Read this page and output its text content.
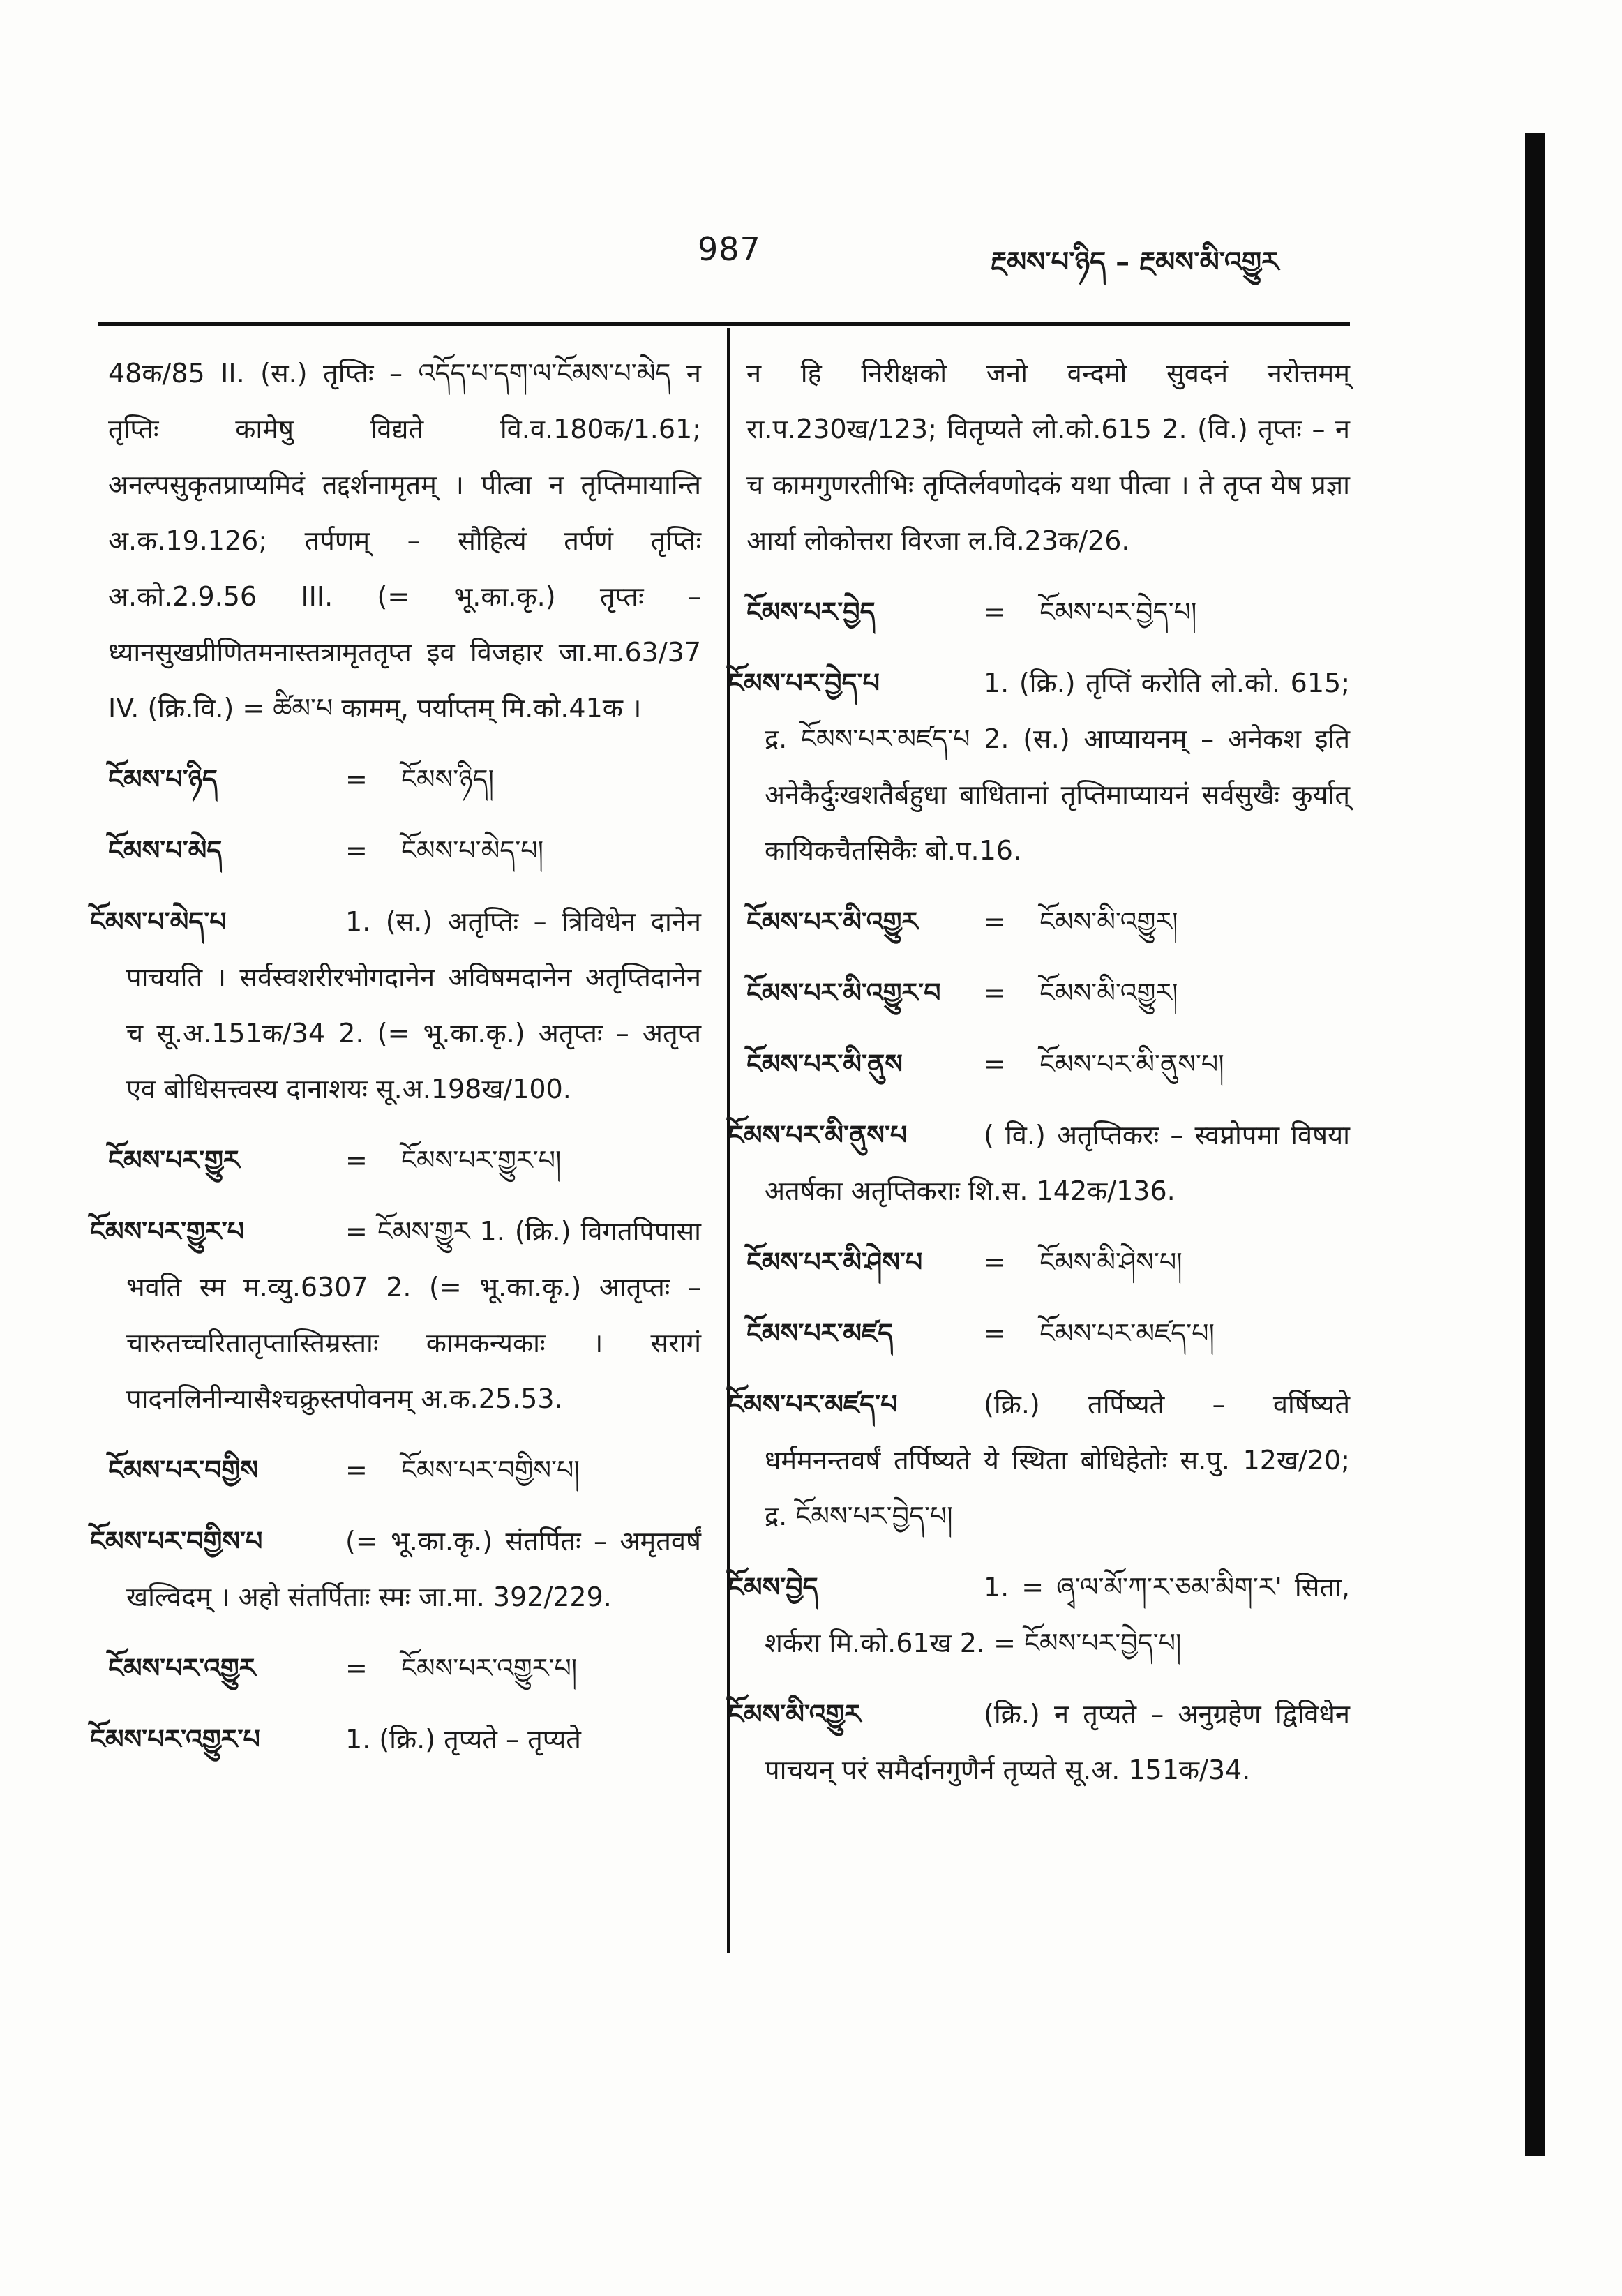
987	རྔམས་པ་ཉིད – རྔམས་མི་འགྱུར
48क/85 II. (स.) तृप्तिः – འདོད་པ་དག་ལ་ངོམས་པ་མེད न तृप्तिः कामेषु विद्यते वि.व.180क/1.61; अनल्पसुकृतप्राप्यमिदं तद्दर्शनामृतम् । पीत्वा न तृप्तिमायान्ति अ.क.19.126; तर्पणम् – सौहित्यं तर्पणं तृप्तिः अ.को.2.9.56 III. (= भू.का.कृ.) तृप्तः – ध्यानसुखप्रीणितमनास्तत्रामृततृप्त इव विजहार जा.मा.63/37 IV. (क्रि.वि.) = ཚིམ་པ कामम्, पर्याप्तम् मि.को.41क ।
ངོམས་པ་ཉིད	= ངོམས་ཉིད།
ངོམས་པ་མེད	= ངོམས་པ་མེད་པ།
ངོམས་པ་མེད་པ	1. (स.) अतृप्तिः – त्रिविधेन दानेन पाचयति । सर्वस्वशरीरभोगदानेन अविषमदानेन अतृप्तिदानेन च सू.अ.151क/34 2. (= भू.का.कृ.) अतृप्तः – अतृप्त एव बोधिसत्त्वस्य दानाशयः सू.अ.198ख/100.
ངོམས་པར་གྱུར	= ངོམས་པར་གྱུར་པ།
ངོམས་པར་གྱུར་པ	= ངོམས་གྱུར 1. (क्रि.) विगतपिपासा भवति स्म म.व्यु.6307 2. (= भू.का.कृ.) आतृप्तः – चारुतच्चरितातृप्तास्तिम्रस्ताः कामकन्यकाः । सरागं पादनलिनीन्यासैश्चक्रुस्तपोवनम् अ.क.25.53.
ངོམས་པར་བགྱིས	= ངོམས་པར་བགྱིས་པ།
ངོམས་པར་བགྱིས་པ	(= भू.का.कृ.) संतर्पितः – अमृतवर्षं खल्विदम् । अहो संतर्पिताः स्मः जा.मा. 392/229.
ངོམས་པར་འགྱུར	= ངོམས་པར་འགྱུར་པ།
ངོམས་པར་འགྱུར་པ	1. (क्रि.) तृप्यते – तृप्यते
न हि निरीक्षको जनो वन्दमो सुवदनं नरोत्तमम् रा.प.230ख/123; वितृप्यते लो.को.615 2. (वि.) तृप्तः – न च कामगुणरतीभिः तृप्तिर्लवणोदकं यथा पीत्वा । ते तृप्त येष प्रज्ञा आर्या लोकोत्तरा विरजा ल.वि.23क/26.
ངོམས་པར་བྱེད	= ངོམས་པར་བྱེད་པ།
ངོམས་པར་བྱེད་པ	1. (क्रि.) तृप्तिं करोति लो.को. 615; द्र. ངོམས་པར་མཛད་པ 2. (स.) आप्यायनम् – अनेकश इति अनेकैर्दुःखशतैर्बहुधा बाधितानां तृप्तिमाप्यायनं सर्वसुखैः कुर्यात् कायिकचैतसिकैः बो.प.16.
ངོམས་པར་མི་འགྱུར = ངོམས་མི་འགྱུར།
ངོམས་པར་མི་འགྱུར་བ = ངོམས་མི་འགྱུར།
ངོམས་པར་མི་ནུས	= ངོམས་པར་མི་ནུས་པ།
ངོམས་པར་མི་ནུས་པ	( वि.) अतृप्तिकरः – स्वप्नोपमा विषया अतर्षका अतृप्तिकराः शि.स. 142क/136.
ངོམས་པར་མི་ཤེས་པ = ངོམས་མི་ཤེས་པ།
ངོམས་པར་མཛད	= ངོམས་པར་མཛད་པ།
ངོམས་པར་མཛད་པ	(क्रि.) तर्पिष्यते – वर्षिष्यते धर्ममनन्तवर्षं तर्पिष्यते ये स्थिता बोधिहेतोः स.पु. 12ख/20; द्र. ངོམས་པར་བྱེད་པ།
ངོམས་བྱེད	1. = ཞྭ་ལ་མོ་ཀ་ར་ཅམ་མིག་ར' सिता, शर्करा मि.को.61ख 2. = ངོམས་པར་བྱེད་པ།
ངོམས་མི་འགྱུར	(क्रि.) न तृप्यते – अनुग्रहेण द्विविधेन पाचयन् परं समैर्दानगुणैर्न तृप्यते सू.अ. 151क/34.
